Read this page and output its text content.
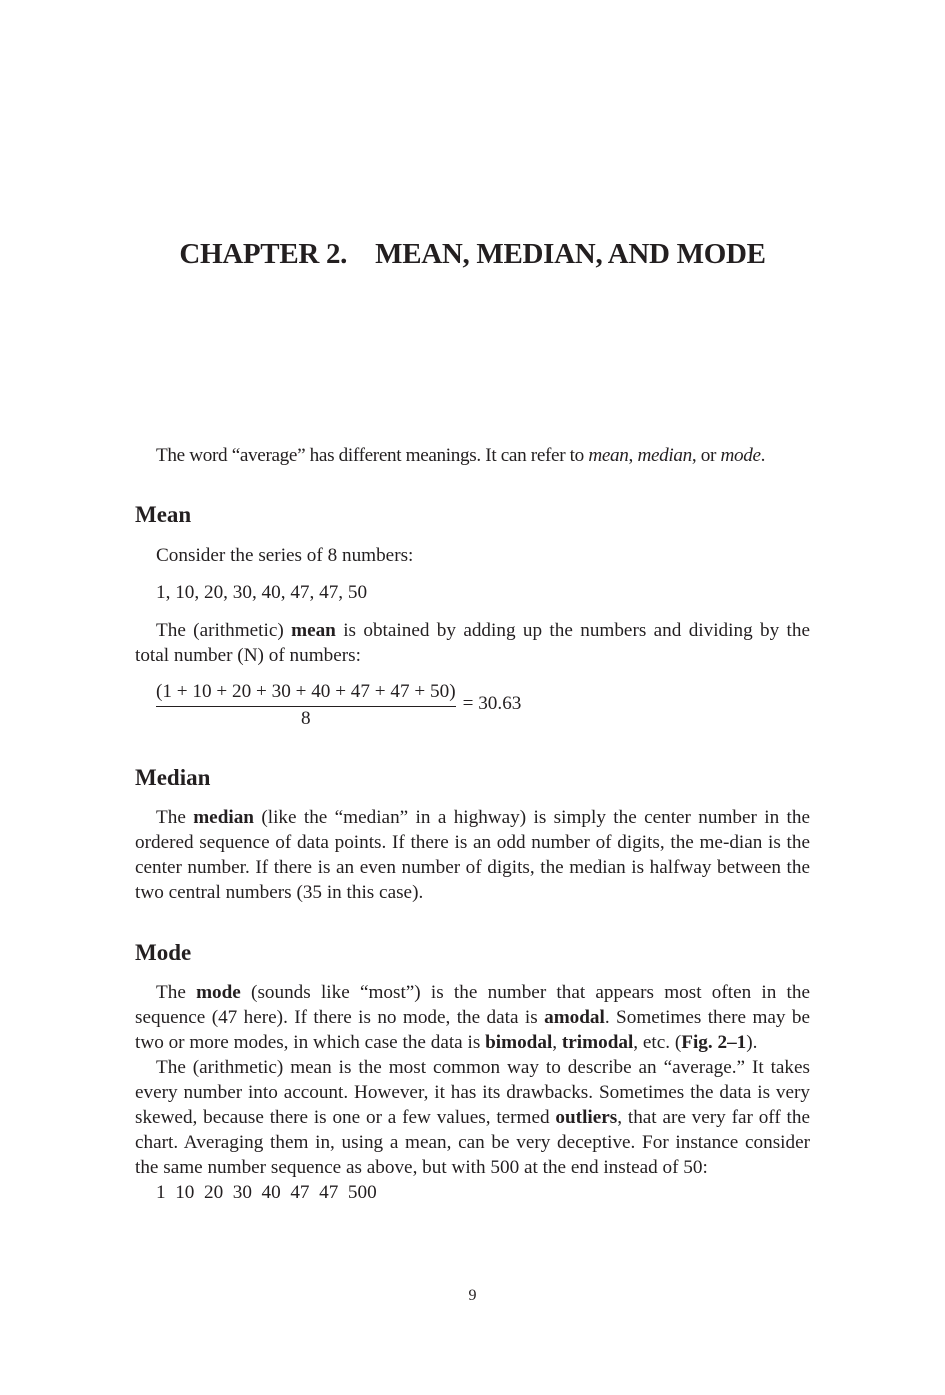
CHAPTER 2. MEAN, MEDIAN, AND MODE

The word “average” has different meanings. It can refer to mean, median, or mode.

Mean

Consider the series of 8 numbers:

1, 10, 20, 30, 40, 47, 47, 50

The (arithmetic) mean is obtained by adding up the numbers and dividing by the total number (N) of numbers:

$\frac{(1 + 10 + 20 + 30 + 40 + 47 + 47 + 50)}{8} = 30.63$
Median

The median (like the “median” in a highway) is simply the center number in the ordered sequence of data points. If there is an odd number of digits, the me-dian is the center number. If there is an even number of digits, the median is halfway between the two central numbers (35 in this case).

Mode

The mode (sounds like “most”) is the number that appears most often in the sequence (47 here). If there is no mode, the data is amodal. Sometimes there may be two or more modes, in which case the data is bimodal, trimodal, etc. (Fig. 2–1).

The (arithmetic) mean is the most common way to describe an “average.” It takes every number into account. However, it has its drawbacks. Sometimes the data is very skewed, because there is one or a few values, termed outliers, that are very far off the chart. Averaging them in, using a mean, can be very deceptive. For instance consider the same number sequence as above, but with 500 at the end instead of 50:

1  10  20  30  40  47  47  500

9
